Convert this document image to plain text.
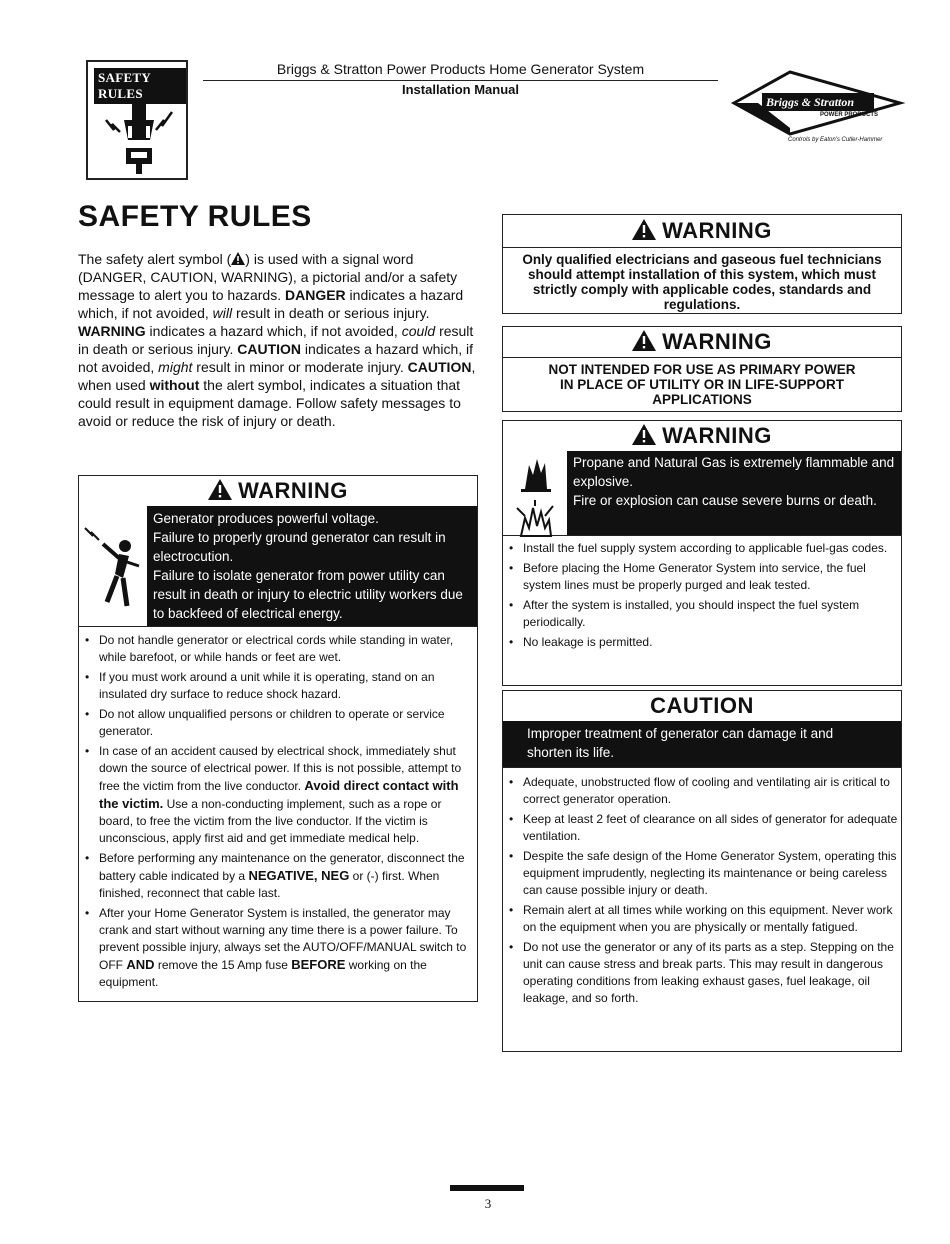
SAFETY RULES
Briggs & Stratton Power Products Home Generator System
Installation Manual
Briggs & Stratton
POWER PRODUCTS
Controls by Eaton's Cutler-Hammer
SAFETY RULES
The safety alert symbol ( ) is used with a signal word (DANGER, CAUTION, WARNING), a pictorial and/or a safety message to alert you to hazards. DANGER indicates a hazard which, if not avoided, will result in death or serious injury. WARNING indicates a hazard which, if not avoided, could result in death or serious injury. CAUTION indicates a hazard which, if not avoided, might result in minor or moderate injury. CAUTION, when used without the alert symbol, indicates a situation that could result in equipment damage. Follow safety messages to avoid or reduce the risk of injury or death.
WARNING

Generator produces powerful voltage.

Failure to properly ground generator can result in electrocution.

Failure to isolate generator from power utility can result in death or injury to electric utility workers due to backfeed of electrical energy.

• Do not handle generator or electrical cords while standing in water, while barefoot, or while hands or feet are wet.
• If you must work around a unit while it is operating, stand on an insulated dry surface to reduce shock hazard.
• Do not allow unqualified persons or children to operate or service generator.
• In case of an accident caused by electrical shock, immediately shut down the source of electrical power. If this is not possible, attempt to free the victim from the live conductor. Avoid direct contact with the victim. Use a non-conducting implement, such as a rope or board, to free the victim from the live conductor. If the victim is unconscious, apply first aid and get immediate medical help.
• Before performing any maintenance on the generator, disconnect the battery cable indicated by a NEGATIVE, NEG or (-) first. When finished, reconnect that cable last.
• After your Home Generator System is installed, the generator may crank and start without warning any time there is a power failure. To prevent possible injury, always set the AUTO/OFF/MANUAL switch to OFF AND remove the 15 Amp fuse BEFORE working on the equipment.
WARNING
Only qualified electricians and gaseous fuel technicians should attempt installation of this system, which must strictly comply with applicable codes, standards and regulations.
WARNING
NOT INTENDED FOR USE AS PRIMARY POWER IN PLACE OF UTILITY OR IN LIFE-SUPPORT APPLICATIONS
WARNING

Propane and Natural Gas is extremely flammable and explosive.

Fire or explosion can cause severe burns or death.

• Install the fuel supply system according to applicable fuel-gas codes.
• Before placing the Home Generator System into service, the fuel system lines must be properly purged and leak tested.
• After the system is installed, you should inspect the fuel system periodically.
• No leakage is permitted.
CAUTION
Improper treatment of generator can damage it and shorten its life.
• Adequate, unobstructed flow of cooling and ventilating air is critical to correct generator operation.
• Keep at least 2 feet of clearance on all sides of generator for adequate ventilation.
• Despite the safe design of the Home Generator System, operating this equipment imprudently, neglecting its maintenance or being careless can cause possible injury or death.
• Remain alert at all times while working on this equipment. Never work on the equipment when you are physically or mentally fatigued.
• Do not use the generator or any of its parts as a step. Stepping on the unit can cause stress and break parts. This may result in dangerous operating conditions from leaking exhaust gases, fuel leakage, oil leakage, and so forth.
3
